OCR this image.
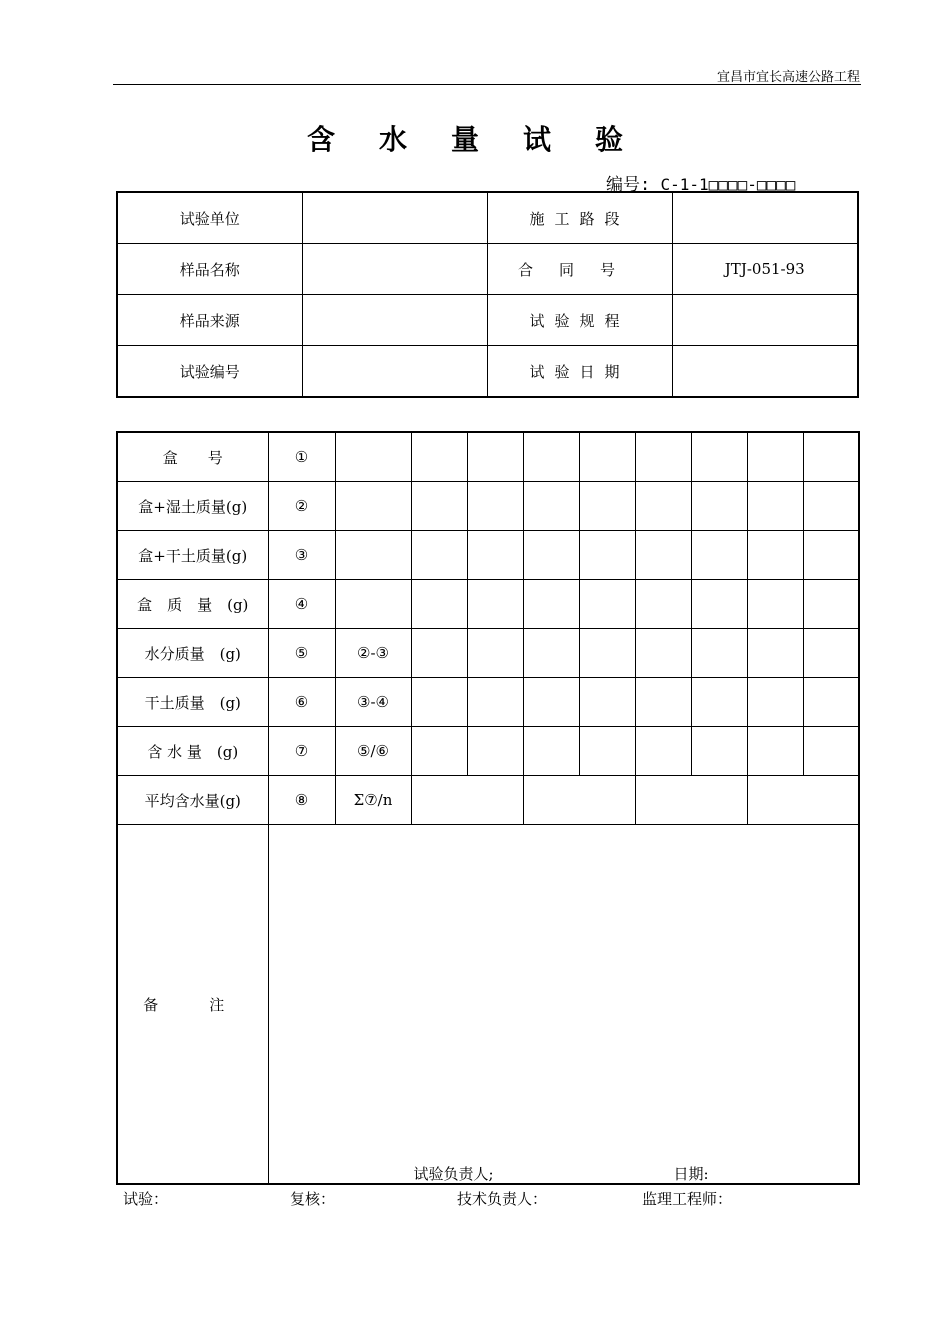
宜昌市宜长高速公路工程
含水量试验
编号: C-1-1□□□□-□□□□
试验单位		施工路段	
样品名称		合同号	JTJ-051-93
样品来源		试验规程	
试验编号		试验日期	
盒　　号	①									
盒+湿土质量(g)	②									
盒+干土质量(g)	③									
盒　质　量　(g)	④									
水分质量　(g)	⑤	②-③								
干土质量　(g)	⑥	③-④								
含 水 量　(g)	⑦	⑤/⑥								
平均含水量(g)	⑧	Σ⑦/n								
备　注	试验负责人; 日期:									
试验：	复核：	技术负责人：	监理工程师：
